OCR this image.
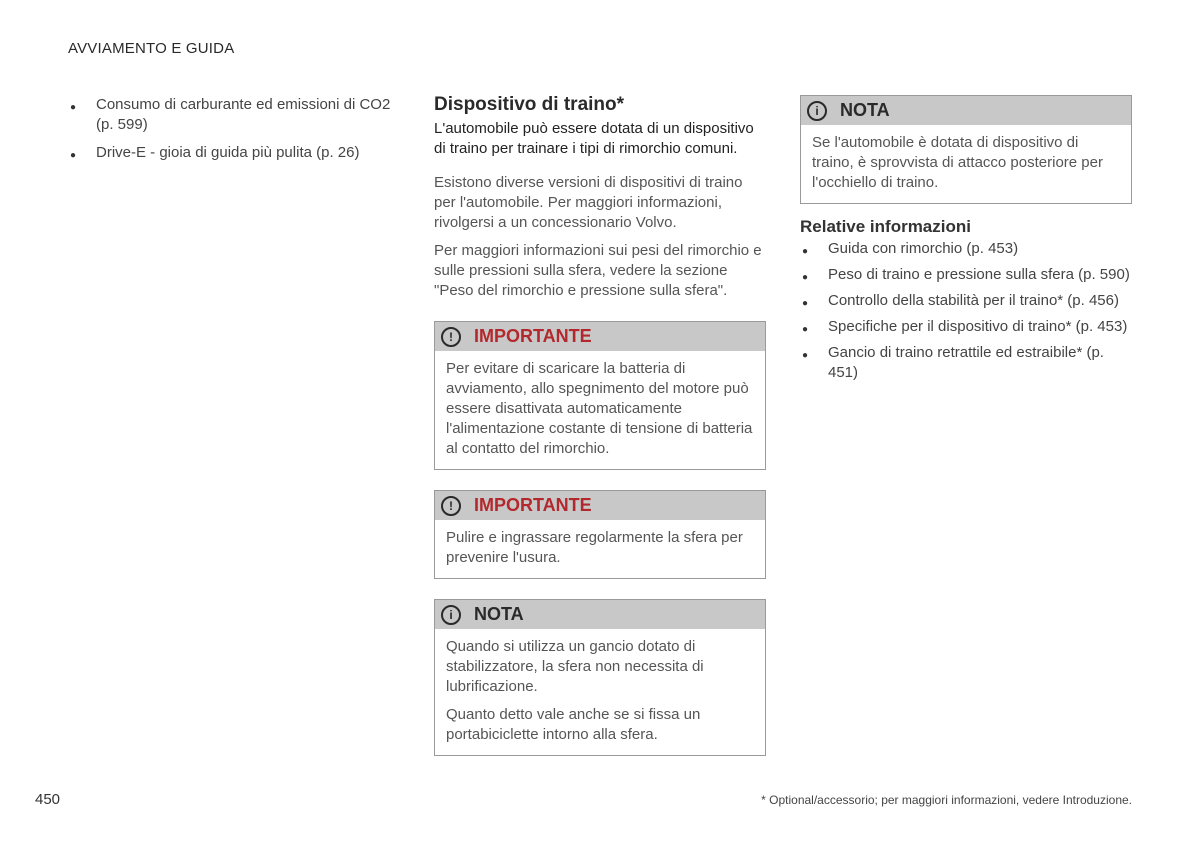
AVVIAMENTO E GUIDA
● Consumo di carburante ed emissioni di CO2 (p. 599)
● Drive-E - gioia di guida più pulita (p. 26)
Dispositivo di traino*

L'automobile può essere dotata di un dispositivo di traino per trainare i tipi di rimorchio comuni.

Esistono diverse versioni di dispositivi di traino per l'automobile. Per maggiori informazioni, rivolgersi a un concessionario Volvo.

Per maggiori informazioni sui pesi del rimorchio e sulle pressioni sulla sfera, vedere la sezione "Peso del rimorchio e pressione sulla sfera".

!	IMPORTANTE

Per evitare di scaricare la batteria di avviamento, allo spegnimento del motore può essere disattivata automaticamente l'alimentazione costante di tensione di batteria al contatto del rimorchio.

!	IMPORTANTE

Pulire e ingrassare regolarmente la sfera per prevenire l'usura.

i	NOTA

Quando si utilizza un gancio dotato di stabilizzatore, la sfera non necessita di lubrificazione.

Quanto detto vale anche se si fissa un portabiciclette intorno alla sfera.

i	NOTA

Se l'automobile è dotata di dispositivo di traino, è sprovvista di attacco posteriore per l'occhiello di traino.

Relative informazioni
● Guida con rimorchio (p. 453)
● Peso di traino e pressione sulla sfera (p. 590)
● Controllo della stabilità per il traino* (p. 456)
● Specifiche per il dispositivo di traino* (p. 453)
● Gancio di traino retrattile ed estraibile* (p. 451)
450	* Optional/accessorio; per maggiori informazioni, vedere Introduzione.
